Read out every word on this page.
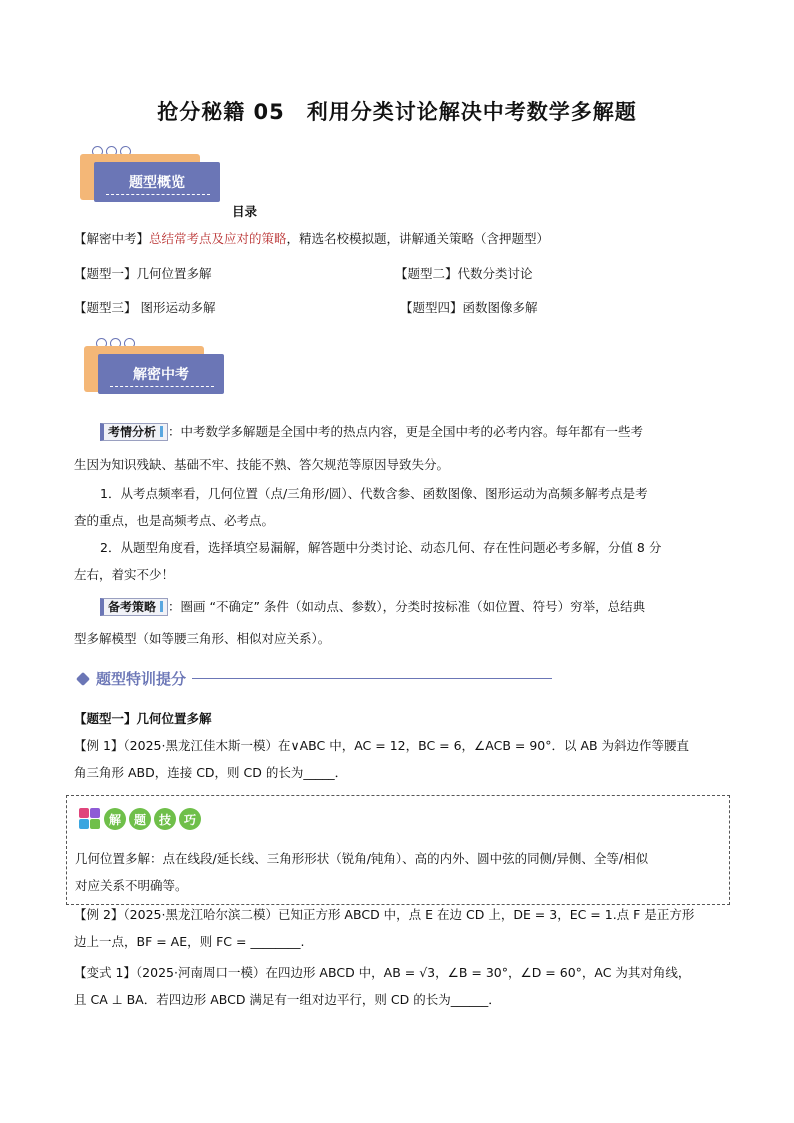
抢分秘籍 05　利用分类讨论解决中考数学多解题
题型概览
目录
【解密中考】总结常考点及应对的策略，精选名校模拟题，讲解通关策略（含押题型）
【题型一】几何位置多解	【题型二】代数分类讨论
【题型三】 图形运动多解	【题型四】函数图像多解
解密中考
考情分析 ：中考数学多解题是全国中考的热点内容，更是全国中考的必考内容。每年都有一些考
生因为知识残缺、基础不牢、技能不熟、答欠规范等原因导致失分。
1．从考点频率看，几何位置（点/三角形/圆）、代数含参、函数图像、图形运动为高频多解考点是考
查的重点，也是高频考点、必考点。
2．从题型角度看，选择填空易漏解，解答题中分类讨论、动态几何、存在性问题必考多解，分值 8 分
左右，着实不少！
备考策略 ：圈画 “不确定” 条件（如动点、参数），分类时按标准（如位置、符号）穷举，总结典
型多解模型（如等腰三角形、相似对应关系）。
题型特训提分
【题型一】几何位置多解
【例 1】（2025·黑龙江佳木斯一模）在∨ABC 中，AC = 12，BC = 6，∠ACB = 90°．以 AB 为斜边作等腰直
角三角形 ABD，连接 CD，则 CD 的长为_____．
解	题	技	巧
几何位置多解：点在线段/延长线、三角形形状（锐角/钝角）、高的内外、圆中弦的同侧/异侧、全等/相似
对应关系不明确等。
【例 2】（2025·黑龙江哈尔滨二模）已知正方形 ABCD 中，点 E 在边 CD 上，DE = 3，EC = 1.点 F 是正方形
边上一点，BF = AE，则 FC = ________.
【变式 1】（2025·河南周口一模）在四边形 ABCD 中，AB = √3，∠B = 30°，∠D = 60°，AC 为其对角线，
且 CA ⊥ BA．若四边形 ABCD 满足有一组对边平行，则 CD 的长为______．
